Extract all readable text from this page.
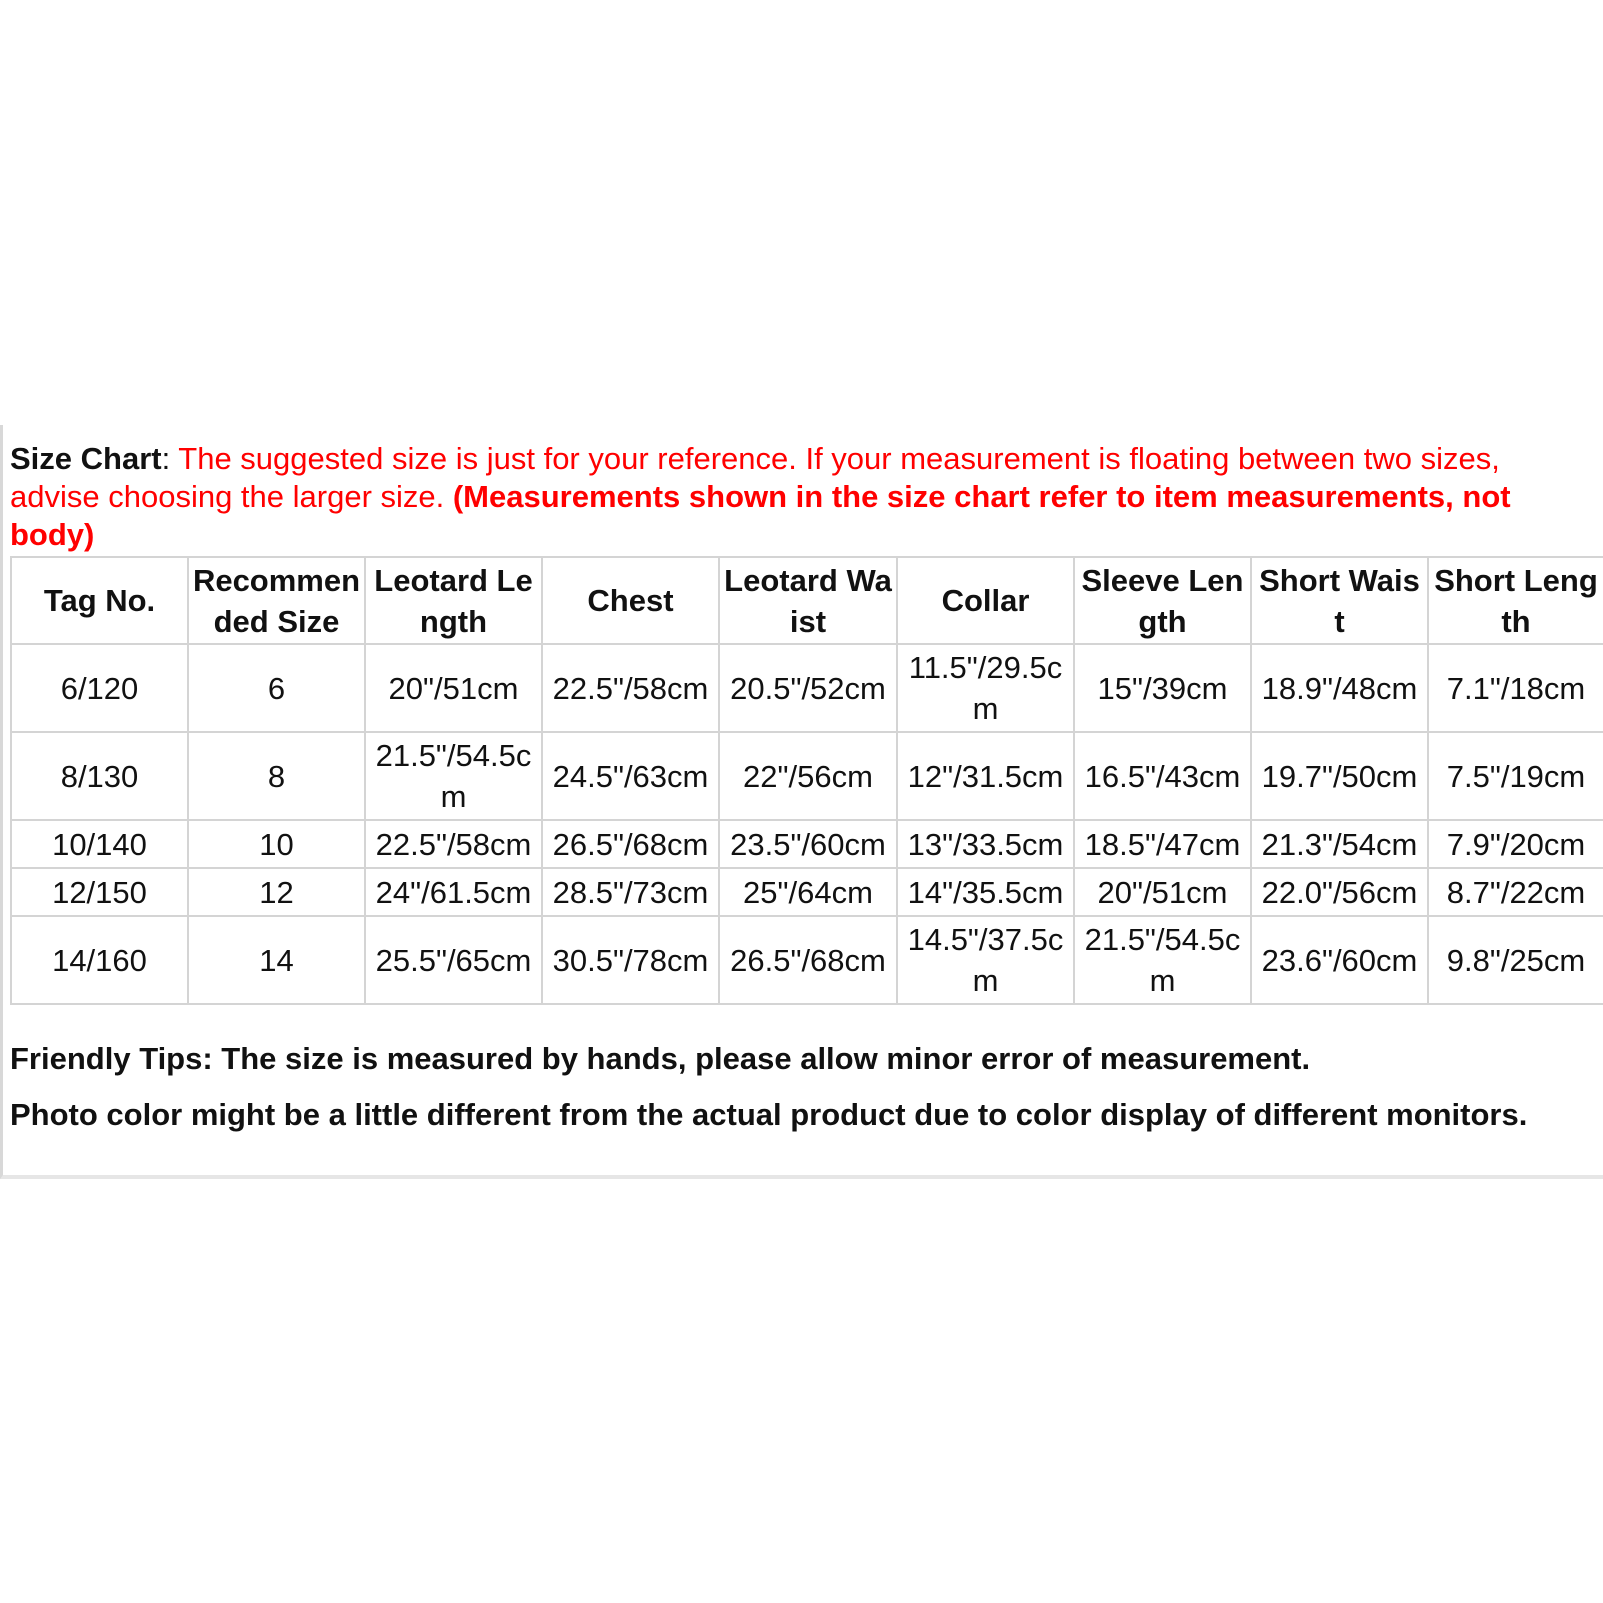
Size Chart: The suggested size is just for your reference. If your measurement is floating between two sizes, advise choosing the larger size. (Measurements shown in the size chart refer to item measurements, not body)
Tag No.	Recommended Size	Leotard Length	Chest	Leotard Waist	Collar	Sleeve Length	Short Waist	Short Length
6/120	6	20"/51cm	22.5"/58cm	20.5"/52cm	11.5"/29.5cm	15"/39cm	18.9"/48cm	7.1"/18cm
8/130	8	21.5"/54.5cm	24.5"/63cm	22"/56cm	12"/31.5cm	16.5"/43cm	19.7"/50cm	7.5"/19cm
10/140	10	22.5"/58cm	26.5"/68cm	23.5"/60cm	13"/33.5cm	18.5"/47cm	21.3"/54cm	7.9"/20cm
12/150	12	24"/61.5cm	28.5"/73cm	25"/64cm	14"/35.5cm	20"/51cm	22.0"/56cm	8.7"/22cm
14/160	14	25.5"/65cm	30.5"/78cm	26.5"/68cm	14.5"/37.5cm	21.5"/54.5cm	23.6"/60cm	9.8"/25cm

Friendly Tips: The size is measured by hands, please allow minor error of measurement.

Photo color might be a little different from the actual product due to color display of different monitors.
